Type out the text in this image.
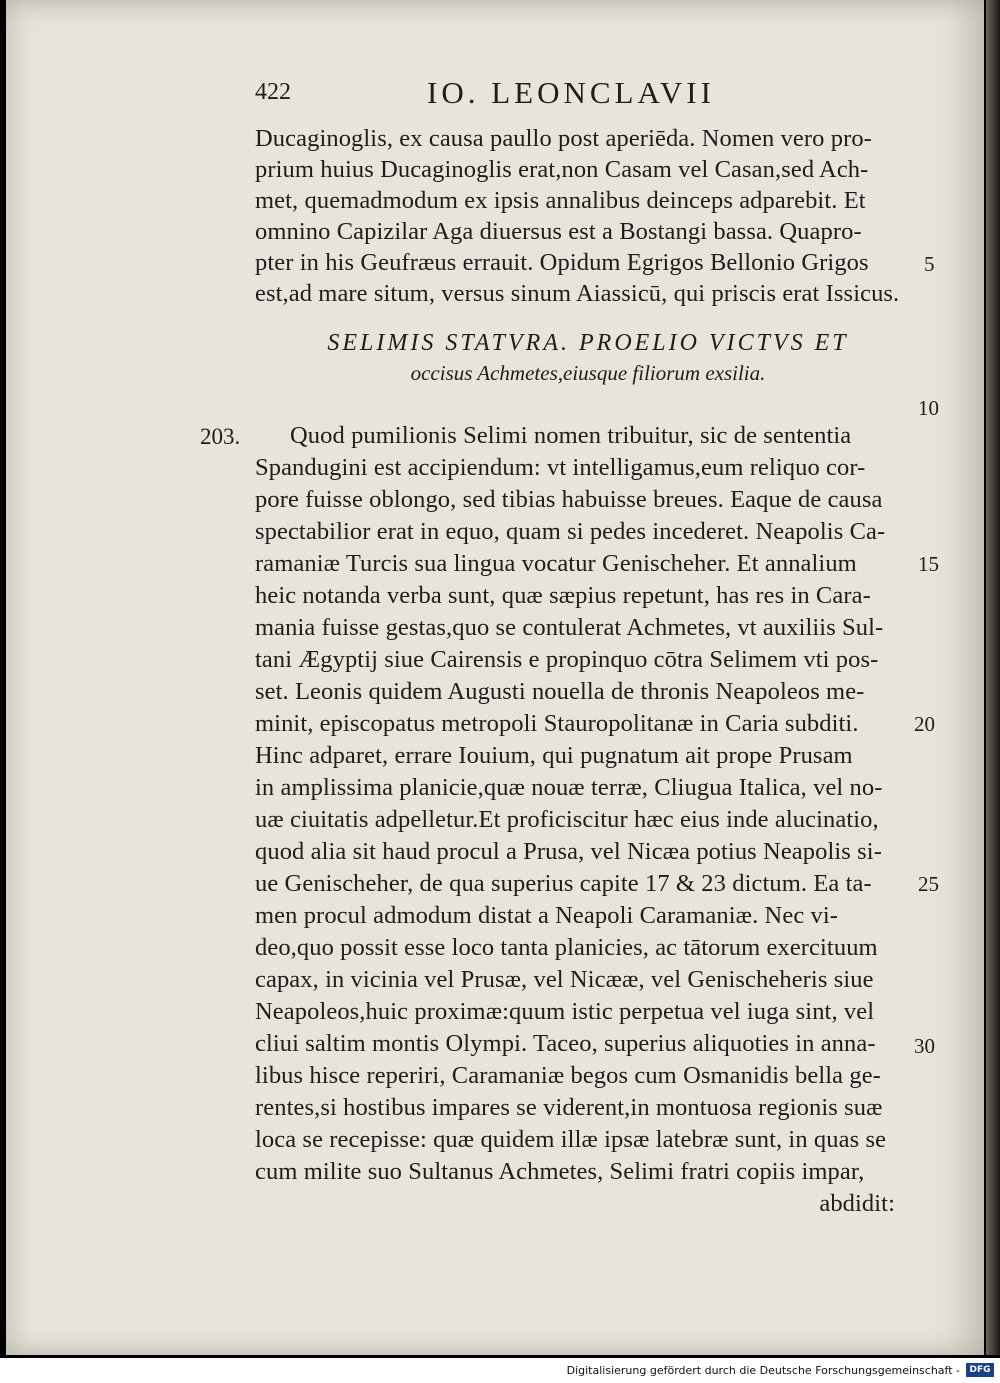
422	IO. LEONCLAVII
Ducaginoglis, ex causa paullo post aperiēda. Nomen vero pro-
prium huius Ducaginoglis erat,non Casam vel Casan,sed Ach-
met, quemadmodum ex ipsis annalibus deinceps adparebit. Et
omnino Capizilar Aga diuersus est a Bostangi bassa. Quapro-
pter in his Geufræus errauit. Opidum Egrigos Bellonio Grigos
est,ad mare situm, versus sinum Aiassicū, qui priscis erat Issicus.
SELIMIS STATVRA. PROELIO VICTVS ET
occisus Achmetes,eiusque filiorum exsilia.
203. Quod pumilionis Selimi nomen tribuitur, sic de sententia
Spandugini est accipiendum: vt intelligamus,eum reliquo cor-
pore fuisse oblongo, sed tibias habuisse breues. Eaque de causa
spectabilior erat in equo, quam si pedes incederet. Neapolis Ca-
ramaniæ Turcis sua lingua vocatur Genischeher. Et annalium
heic notanda verba sunt, quæ sæpius repetunt, has res in Cara-
mania fuisse gestas,quo se contulerat Achmetes, vt auxiliis Sul-
tani Ægyptij siue Cairensis e propinquo cōtra Selimem vti pos-
set. Leonis quidem Augusti nouella de thronis Neapoleos me-
minit, episcopatus metropoli Stauropolitanæ in Caria subditi.
Hinc adparet, errare Iouium, qui pugnatum ait prope Prusam
in amplissima planicie,quæ nouæ terræ, Cliugua Italica, vel no-
uæ ciuitatis adpelletur.Et proficiscitur hæc eius inde alucinatio,
quod alia sit haud procul a Prusa, vel Nicæa potius Neapolis si-
ue Genischeher, de qua superius capite 17 & 23 dictum. Ea ta-
men procul admodum distat a Neapoli Caramaniæ. Nec vi-
deo,quo possit esse loco tanta planicies, ac tātorum exercituum
capax, in vicinia vel Prusæ, vel Nicææ, vel Genischeheris siue
Neapoleos,huic proximæ:quum istic perpetua vel iuga sint, vel
cliui saltim montis Olympi. Taceo, superius aliquoties in anna-
libus hisce reperiri, Caramaniæ begos cum Osmanidis bella ge-
rentes,si hostibus impares se viderent,in montuosa regionis suæ
loca se recepisse: quæ quidem illæ ipsæ latebræ sunt, in quas se
cum milite suo Sultanus Achmetes, Selimi fratri copiis impar,
abdidit:
5
10
15
20
25
30
Digitalisierung gefördert durch die Deutsche Forschungsgemeinschaft -	DFG
